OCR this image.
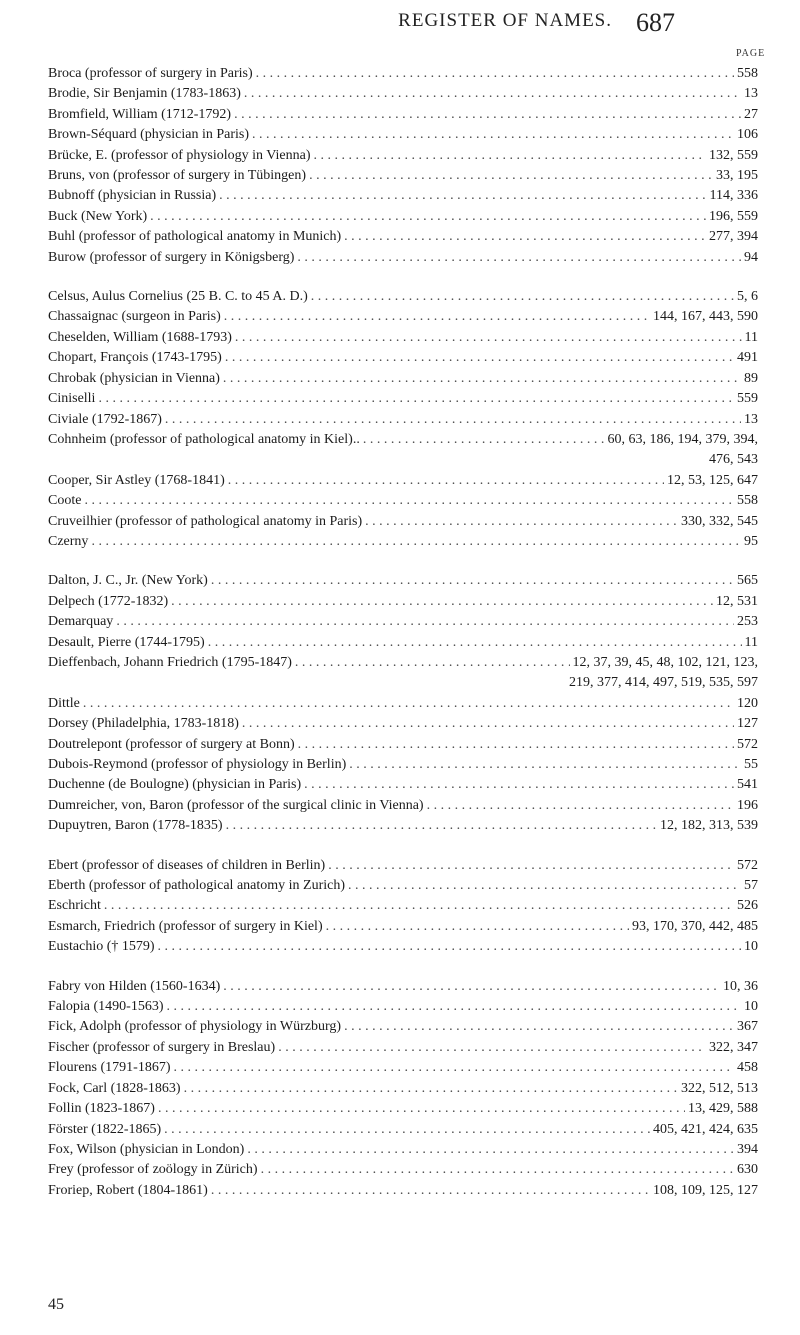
REGISTER OF NAMES. 687
PAGE
Broca (professor of surgery in Paris) . . .	558
Brodie, Sir Benjamin (1783-1863) . . .	13
Bromfield, William (1712-1792) . . .	27
Brown-Séquard (physician in Paris) . . .	106
Brücke, E. (professor of physiology in Vienna) . . .	132, 559
Bruns, von (professor of surgery in Tübingen) . . .	33, 195
Bubnoff (physician in Russia) . . .	114, 336
Buck (New York) . . .	196, 559
Buhl (professor of pathological anatomy in Munich) . . .	277, 394
Burow (professor of surgery in Königsberg) . . .	94
Celsus, Aulus Cornelius (25 B. C. to 45 A. D.) . . .	5, 6
Chassaignac (surgeon in Paris) . . .	144, 167, 443, 590
Cheselden, William (1688-1793) . . .	11
Chopart, François (1743-1795) . . .	491
Chrobak (physician in Vienna) . . .	89
Ciniselli . . .	559
Civiale (1792-1867) . . .	13
Cohnheim (professor of pathological anatomy in Kiel).. . . .	60, 63, 186, 194, 379, 394,
476, 543
Cooper, Sir Astley (1768-1841) . . .	12, 53, 125, 647
Coote . . .	558
Cruveilhier (professor of pathological anatomy in Paris) . . .	330, 332, 545
Czerny . . .	95
Dalton, J. C., Jr. (New York) . . .	565
Delpech (1772-1832) . . .	12, 531
Demarquay . . .	253
Desault, Pierre (1744-1795) . . .	11
Dieffenbach, Johann Friedrich (1795-1847) . . .	12, 37, 39, 45, 48, 102, 121, 123,
219, 377, 414, 497, 519, 535, 597
Dittle . . .	120
Dorsey (Philadelphia, 1783-1818) . . .	127
Doutrelepont (professor of surgery at Bonn) . . .	572
Dubois-Reymond (professor of physiology in Berlin) . . .	55
Duchenne (de Boulogne) (physician in Paris) . . .	541
Dumreicher, von, Baron (professor of the surgical clinic in Vienna) . . .	196
Dupuytren, Baron (1778-1835) . . .	12, 182, 313, 539
Ebert (professor of diseases of children in Berlin) . . .	572
Eberth (professor of pathological anatomy in Zurich) . . .	57
Eschricht . . .	526
Esmarch, Friedrich (professor of surgery in Kiel) . . .	93, 170, 370, 442, 485
Eustachio († 1579) . . .	10
Fabry von Hilden (1560-1634) . . .	10, 36
Falopia (1490-1563) . . .	10
Fick, Adolph (professor of physiology in Würzburg) . . .	367
Fischer (professor of surgery in Breslau) . . .	322, 347
Flourens (1791-1867) . . .	458
Fock, Carl (1828-1863) . . .	322, 512, 513
Follin (1823-1867) . . .	13, 429, 588
Förster (1822-1865) . . .	405, 421, 424, 635
Fox, Wilson (physician in London) . . .	394
Frey (professor of zoölogy in Zürich) . . .	630
Froriep, Robert (1804-1861) . . .	108, 109, 125, 127
45
